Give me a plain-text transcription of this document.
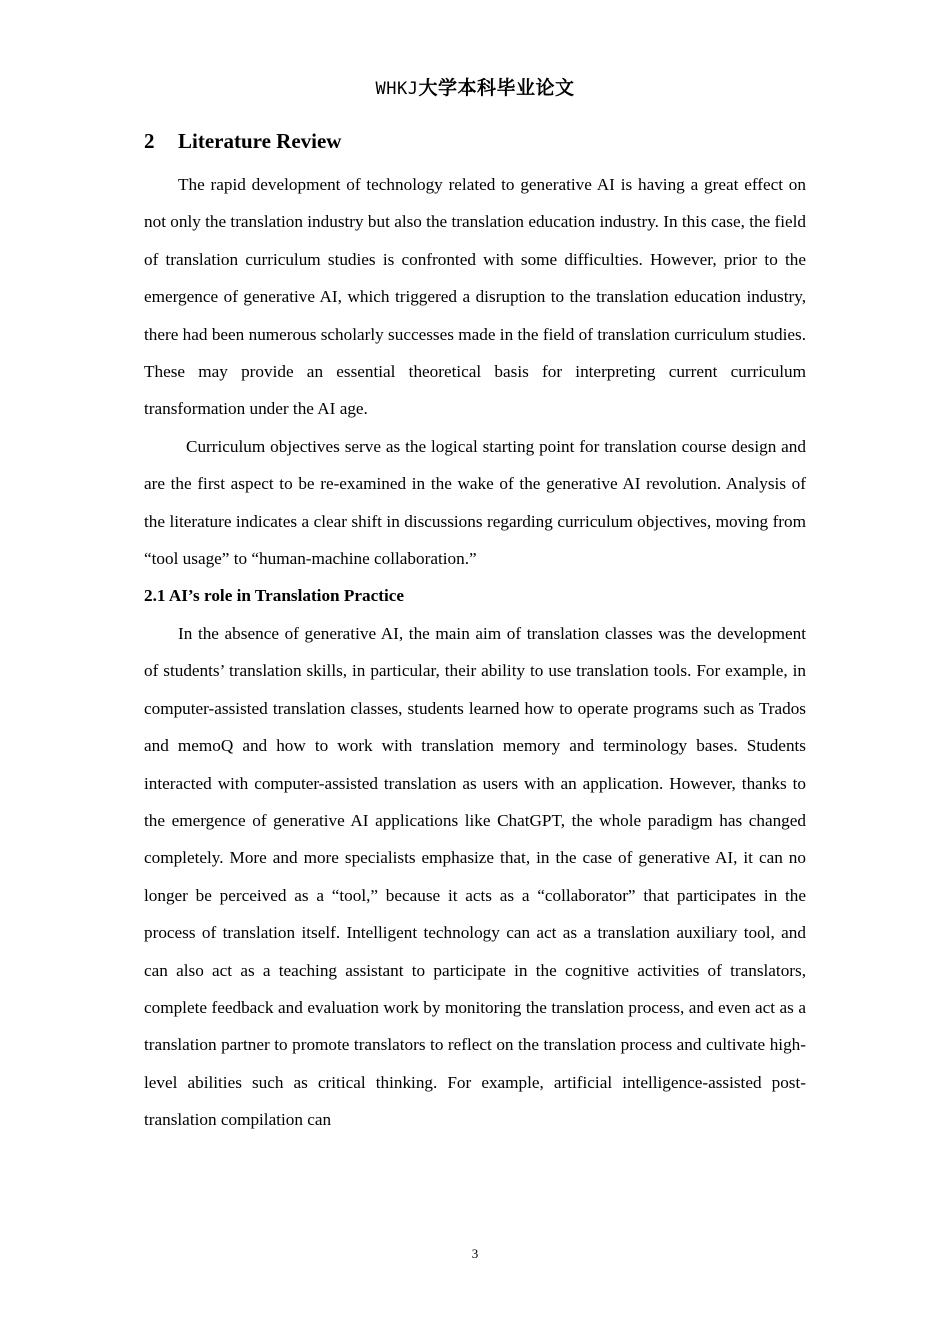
WHKJ大学本科毕业论文
2 Literature Review

The rapid development of technology related to generative AI is having a great effect on not only the translation industry but also the translation education industry. In this case, the field of translation curriculum studies is confronted with some difficulties. However, prior to the emergence of generative AI, which triggered a disruption to the translation education industry, there had been numerous scholarly successes made in the field of translation curriculum studies. These may provide an essential theoretical basis for interpreting current curriculum transformation under the AI age.

Curriculum objectives serve as the logical starting point for translation course design and are the first aspect to be re-examined in the wake of the generative AI revolution. Analysis of the literature indicates a clear shift in discussions regarding curriculum objectives, moving from “tool usage” to “human-machine collaboration.”

2.1 AI’s role in Translation Practice

In the absence of generative AI, the main aim of translation classes was the development of students’ translation skills, in particular, their ability to use translation tools. For example, in computer-assisted translation classes, students learned how to operate programs such as Trados and memoQ and how to work with translation memory and terminology bases. Students interacted with computer-assisted translation as users with an application. However, thanks to the emergence of generative AI applications like ChatGPT, the whole paradigm has changed completely. More and more specialists emphasize that, in the case of generative AI, it can no longer be perceived as a “tool,” because it acts as a “collaborator” that participates in the process of translation itself. Intelligent technology can act as a translation auxiliary tool, and can also act as a teaching assistant to participate in the cognitive activities of translators, complete feedback and evaluation work by monitoring the translation process, and even act as a translation partner to promote translators to reflect on the translation process and cultivate high-level abilities such as critical thinking. For example, artificial intelligence-assisted post-translation compilation can

3
